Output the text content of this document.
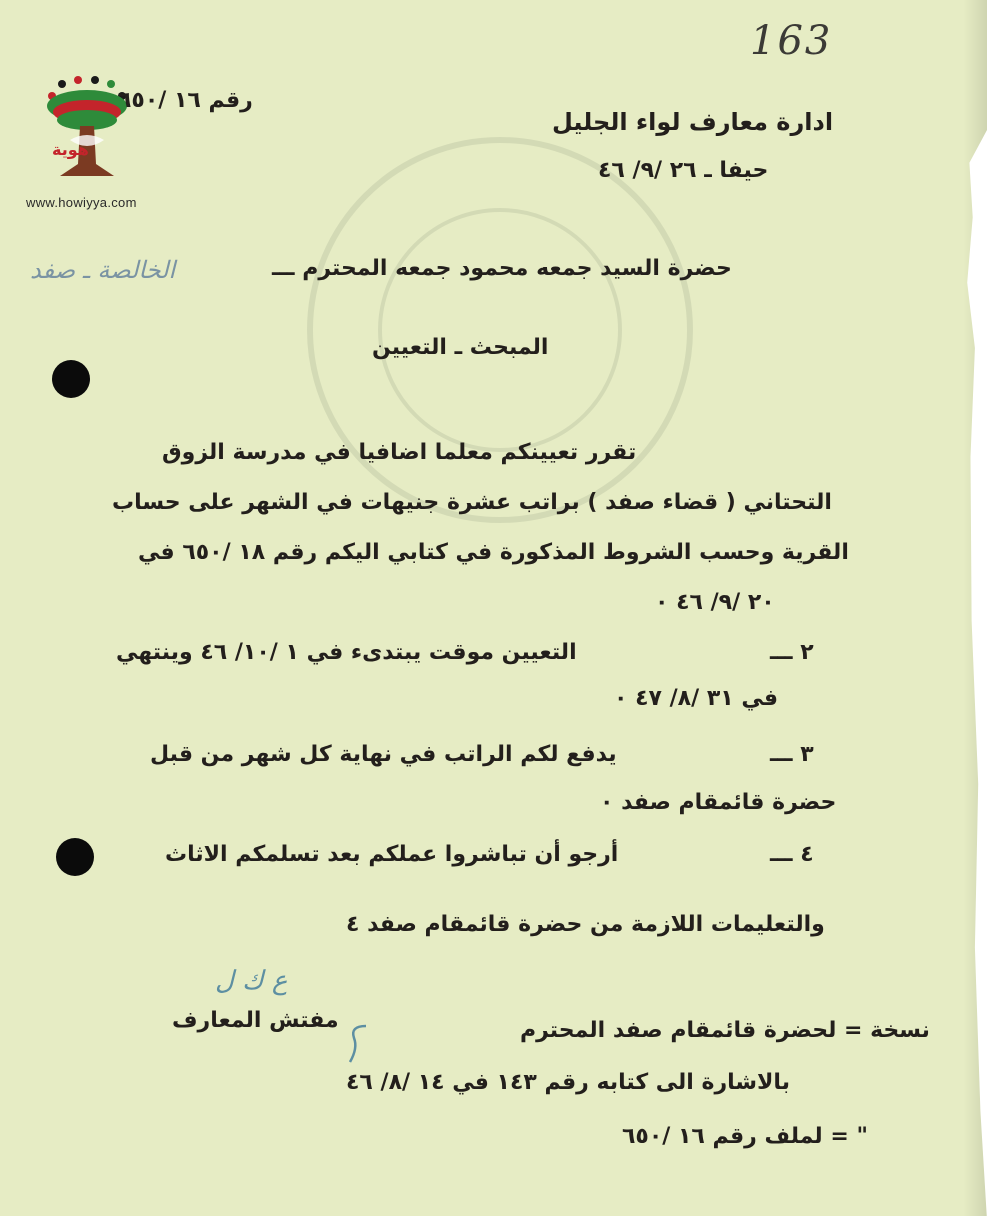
هوية
www.howiyya.com
163
رقم ١٦ /٦٥٠
ادارة معارف لواء الجليل
حيفا ـ ٢٦ /٩/ ٤٦
الخالصة ـ صفد	حضرة السيد جمعه محمود جمعه المحترم ـــ
المبحث ـ التعيين
تقرر تعيينكم معلما اضافيا في مدرسة الزوق
التحتاني ( قضاء صفد ) براتب عشرة جنيهات في الشهر على حساب
القرية وحسب الشروط المذكورة في كتابي اليكم رقم ١٨ /٦٥٠ في
٢٠ /٩/ ٤٦ ٠
٢ ـــ
التعيين موقت يبتدىء في ١ /١٠/ ٤٦ وينتهي
في ٣١ /٨/ ٤٧ ٠
٣ ـــ
يدفع لكم الراتب في نهاية كل شهر من قبل
حضرة قائمقام صفد ٠
٤ ـــ
أرجو أن تباشروا عملكم بعد تسلمكم الاثاث
والتعليمات اللازمة من حضرة قائمقام صفد ٤
ع ك ل
مفتش المعارف	نسخة = لحضرة قائمقام صفد المحترم
بالاشارة الى كتابه رقم ١٤٣ في ١٤ /٨/ ٤٦
" = لملف رقم ١٦ /٦٥٠
